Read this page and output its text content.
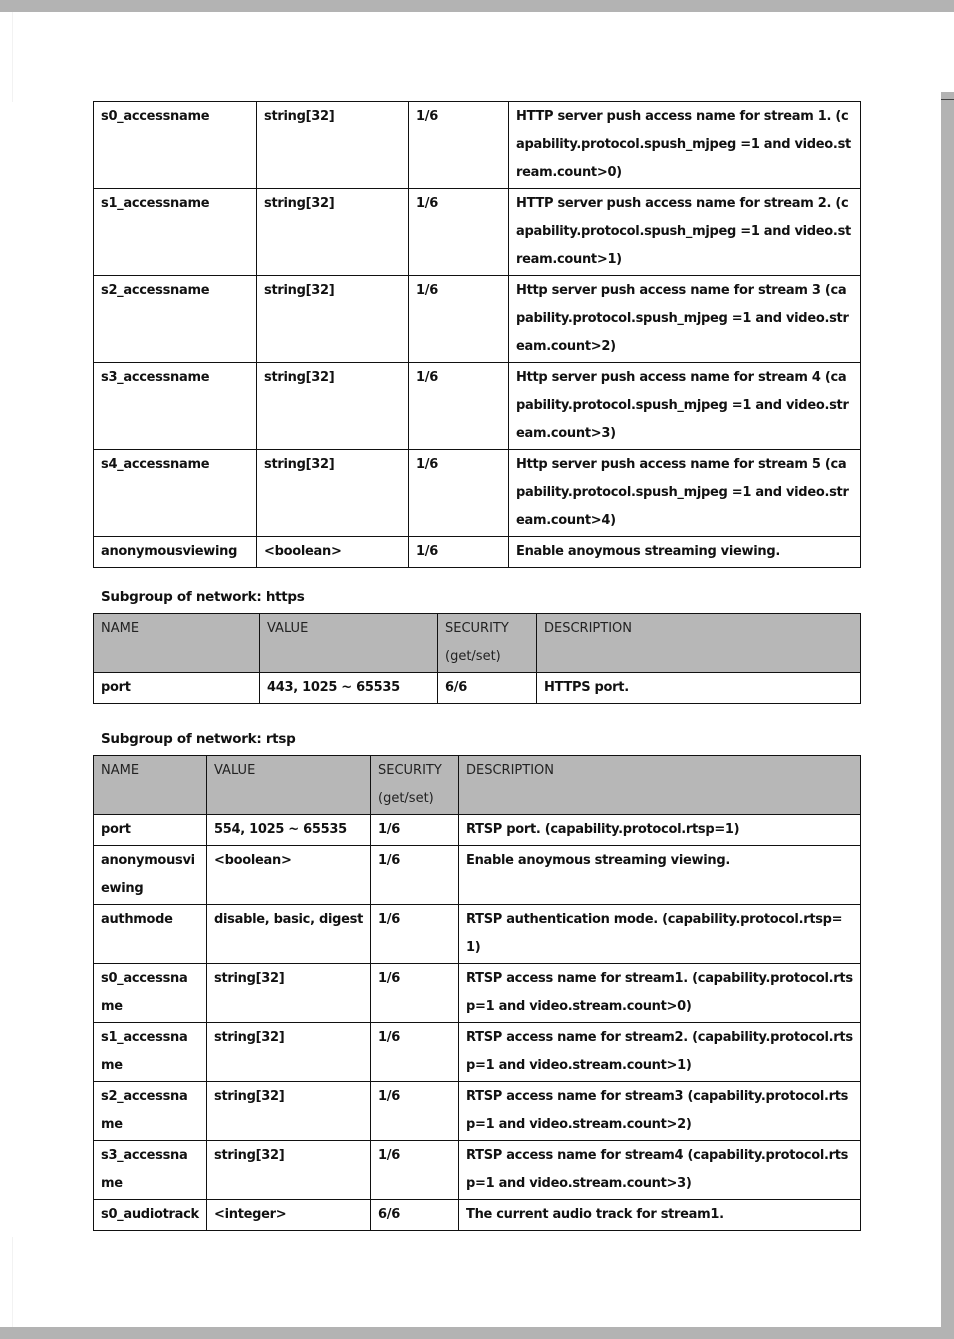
s0_accessname	string[32]	1/6	HTTP server push access name for stream 1. (capability.protocol.spush_mjpeg =1 and video.stream.count>0)
s1_accessname	string[32]	1/6	HTTP server push access name for stream 2. (capability.protocol.spush_mjpeg =1 and video.stream.count>1)
s2_accessname	string[32]	1/6	Http server push access name for stream 3 (capability.protocol.spush_mjpeg =1 and video.stream.count>2)
s3_accessname	string[32]	1/6	Http server push access name for stream 4 (capability.protocol.spush_mjpeg =1 and video.stream.count>3)
s4_accessname	string[32]	1/6	Http server push access name for stream 5 (capability.protocol.spush_mjpeg =1 and video.stream.count>4)
anonymousviewing	<boolean>	1/6	Enable anoymous streaming viewing.
Subgroup of network: https
NAME	VALUE	SECURITY (get/set)	DESCRIPTION
port	443, 1025 ~ 65535	6/6	HTTPS port.
Subgroup of network: rtsp
NAME	VALUE	SECURITY (get/set)	DESCRIPTION
port	554, 1025 ~ 65535	1/6	RTSP port. (capability.protocol.rtsp=1)
anonymousviewing	<boolean>	1/6	Enable anoymous streaming viewing.
authmode	disable, basic, digest	1/6	RTSP authentication mode. (capability.protocol.rtsp=1)
s0_accessname	string[32]	1/6	RTSP access name for stream1. (capability.protocol.rtsp=1 and video.stream.count>0)
s1_accessname	string[32]	1/6	RTSP access name for stream2. (capability.protocol.rtsp=1 and video.stream.count>1)
s2_accessname	string[32]	1/6	RTSP access name for stream3 (capability.protocol.rtsp=1 and video.stream.count>2)
s3_accessname	string[32]	1/6	RTSP access name for stream4 (capability.protocol.rtsp=1 and video.stream.count>3)
s0_audiotrack	<integer>	6/6	The current audio track for stream1.
